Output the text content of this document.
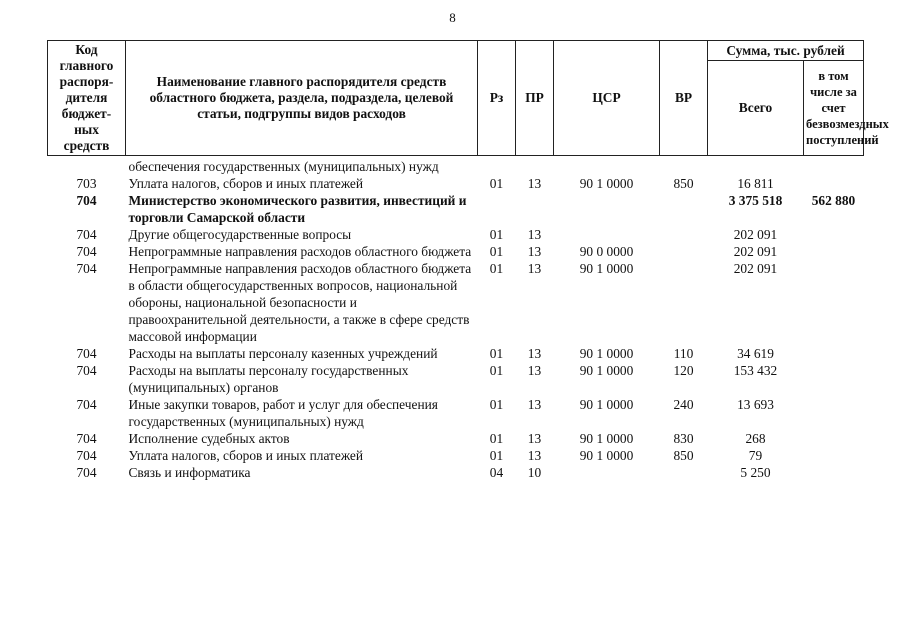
8
Код главного распоря-дителя бюджет-ных средств	Наименование главного распорядителя средств областного бюджета, раздела, подраздела, целевой статьи, подгруппы видов расходов	Рз	ПР	ЦСР	ВР	Сумма, тыс. рублей	
						Всего	в том числе за счет безвозмездных поступлений
	обеспечения государственных (муниципальных) нужд						
703	Уплата налогов, сборов и иных платежей	01	13	90 1 0000	850	16 811	
704	Министерство экономического развития, инвестиций и торговли Самарской области					3 375 518	562 880
704	Другие общегосударственные вопросы	01	13			202 091	
704	Непрограммные направления расходов областного бюджета	01	13	90 0 0000		202 091	
704	Непрограммные направления расходов областного бюджета в области общегосударственных вопросов, национальной обороны, национальной безопасности и правоохранительной деятельности, а также в сфере средств массовой информации	01	13	90 1 0000		202 091	
704	Расходы на выплаты персоналу казенных учреждений	01	13	90 1 0000	110	34 619	
704	Расходы на выплаты персоналу государственных (муниципальных) органов	01	13	90 1 0000	120	153 432	
704	Иные закупки товаров, работ и услуг для обеспечения государственных (муниципальных) нужд	01	13	90 1 0000	240	13 693	
704	Исполнение судебных актов	01	13	90 1 0000	830	268	
704	Уплата налогов, сборов и иных платежей	01	13	90 1 0000	850	79	
704	Связь и информатика	04	10			5 250	
